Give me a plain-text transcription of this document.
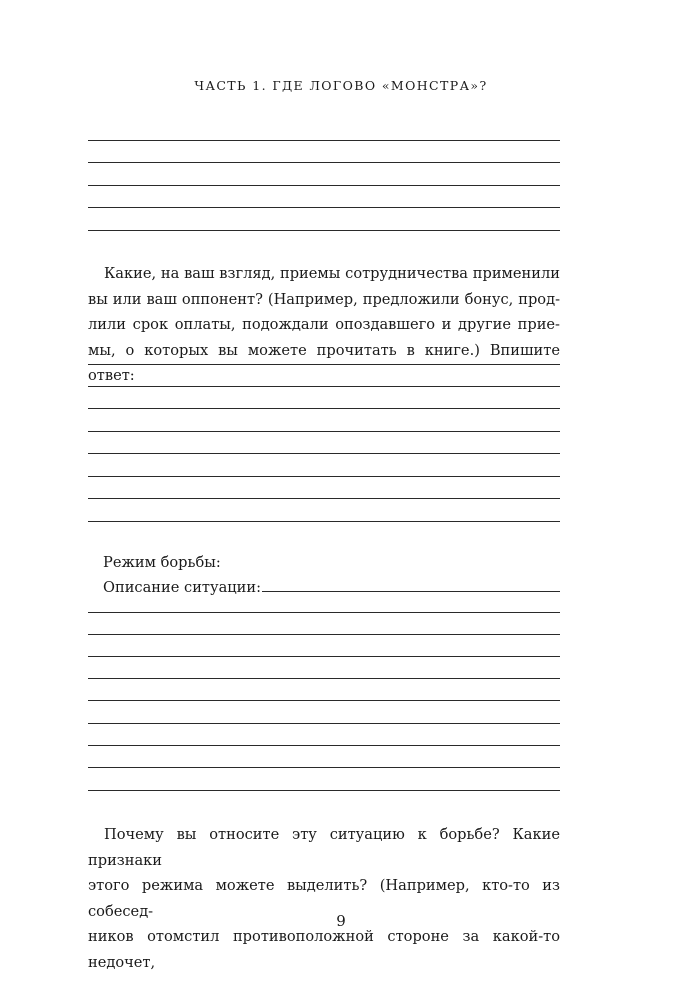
ЧАСТЬ 1. ГДЕ ЛОГОВО «МОНСТРА»?
Какие, на ваш взгляд, приемы сотрудничества применили
вы или ваш оппонент? (Например, предложили бонус, прод-
лили срок оплаты, подождали опоздавшего и другие прие-
мы, о которых вы можете прочитать в книге.) Впишите ответ:
Режим борьбы:
Описание ситуации:
Почему вы относите эту ситуацию к борьбе? Какие признаки
этого режима можете выделить? (Например, кто-то из собесед-
ников отомстил противоположной стороне за какой-то недочет,
9
